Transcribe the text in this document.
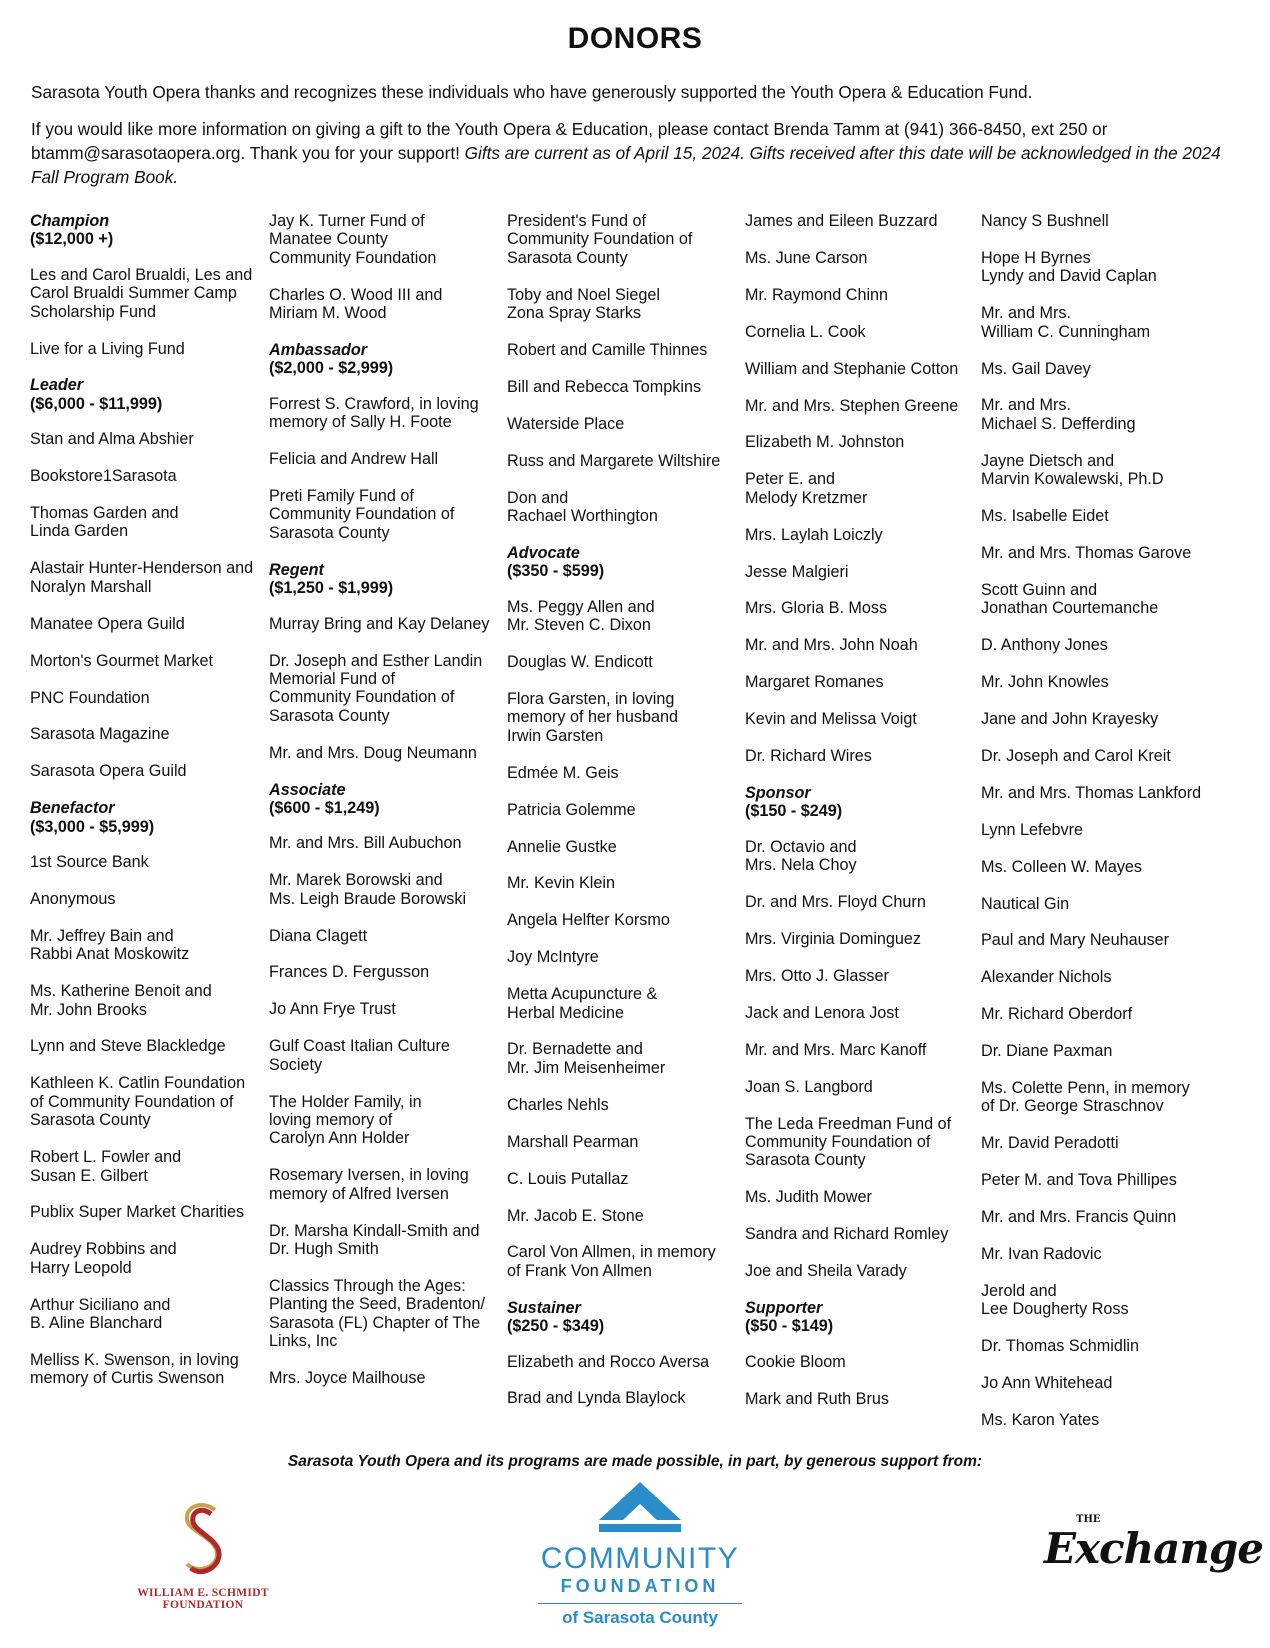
DONORS
Sarasota Youth Opera thanks and recognizes these individuals who have generously supported the Youth Opera & Education Fund.
If you would like more information on giving a gift to the Youth Opera & Education, please contact Brenda Tamm at (941) 366-8450, ext 250 or btamm@sarasotaopera.org. Thank you for your support! Gifts are current as of April 15, 2024. Gifts received after this date will be acknowledged in the 2024 Fall Program Book.
Champion
($12,000 +)
Les and Carol Brualdi, Les and
Carol Brualdi Summer Camp
Scholarship Fund
Live for a Living Fund
Leader
($6,000 - $11,999)
Stan and Alma Abshier
Bookstore1Sarasota
Thomas Garden and
Linda Garden
Alastair Hunter-Henderson and
Noralyn Marshall
Manatee Opera Guild
Morton's Gourmet Market
PNC Foundation
Sarasota Magazine
Sarasota Opera Guild
Benefactor
($3,000 - $5,999)
1st Source Bank
Anonymous
Mr. Jeffrey Bain and
Rabbi Anat Moskowitz
Ms. Katherine Benoit and
Mr. John Brooks
Lynn and Steve Blackledge
Kathleen K. Catlin Foundation
of Community Foundation of
Sarasota County
Robert L. Fowler and
Susan E. Gilbert
Publix Super Market Charities
Audrey Robbins and
Harry Leopold
Arthur Siciliano and
B. Aline Blanchard
Melliss K. Swenson, in loving
memory of Curtis Swenson
Jay K. Turner Fund of
Manatee County
Community Foundation
Charles O. Wood III and
Miriam M. Wood
Ambassador
($2,000 - $2,999)
Forrest S. Crawford, in loving
memory of Sally H. Foote
Felicia and Andrew Hall
Preti Family Fund of
Community Foundation of
Sarasota County
Regent
($1,250 - $1,999)
Murray Bring and Kay Delaney
Dr. Joseph and Esther Landin
Memorial Fund of
Community Foundation of
Sarasota County
Mr. and Mrs. Doug Neumann
Associate
($600 - $1,249)
Mr. and Mrs. Bill Aubuchon
Mr. Marek Borowski and
Ms. Leigh Braude Borowski
Diana Clagett
Frances D. Fergusson
Jo Ann Frye Trust
Gulf Coast Italian Culture
Society
The Holder Family, in
loving memory of
Carolyn Ann Holder
Rosemary Iversen, in loving
memory of Alfred Iversen
Dr. Marsha Kindall-Smith and
Dr. Hugh Smith
Classics Through the Ages:
Planting the Seed, Bradenton/
Sarasota (FL) Chapter of The
Links, Inc
Mrs. Joyce Mailhouse
President's Fund of
Community Foundation of
Sarasota County
Toby and Noel Siegel
Zona Spray Starks
Robert and Camille Thinnes
Bill and Rebecca Tompkins
Waterside Place
Russ and Margarete Wiltshire
Don and
Rachael Worthington
Advocate
($350 - $599)
Ms. Peggy Allen and
Mr. Steven C. Dixon
Douglas W. Endicott
Flora Garsten, in loving
memory of her husband
Irwin Garsten
Edmée M. Geis
Patricia Golemme
Annelie Gustke
Mr. Kevin Klein
Angela Helfter Korsmo
Joy McIntyre
Metta Acupuncture &
Herbal Medicine
Dr. Bernadette and
Mr. Jim Meisenheimer
Charles Nehls
Marshall Pearman
C. Louis Putallaz
Mr. Jacob E. Stone
Carol Von Allmen, in memory
of Frank Von Allmen
Sustainer
($250 - $349)
Elizabeth and Rocco Aversa
Brad and Lynda Blaylock
James and Eileen Buzzard
Ms. June Carson
Mr. Raymond Chinn
Cornelia L. Cook
William and Stephanie Cotton
Mr. and Mrs. Stephen Greene
Elizabeth M. Johnston
Peter E. and
Melody Kretzmer
Mrs. Laylah Loiczly
Jesse Malgieri
Mrs. Gloria B. Moss
Mr. and Mrs. John Noah
Margaret Romanes
Kevin and Melissa Voigt
Dr. Richard Wires
Sponsor
($150 - $249)
Dr. Octavio and
Mrs. Nela Choy
Dr. and Mrs. Floyd Churn
Mrs. Virginia Dominguez
Mrs. Otto J. Glasser
Jack and Lenora Jost
Mr. and Mrs. Marc Kanoff
Joan S. Langbord
The Leda Freedman Fund of
Community Foundation of
Sarasota County
Ms. Judith Mower
Sandra and Richard Romley
Joe and Sheila Varady
Supporter
($50 - $149)
Cookie Bloom
Mark and Ruth Brus
Nancy S Bushnell
Hope H Byrnes
Lyndy and David Caplan
Mr. and Mrs.
William C. Cunningham
Ms. Gail Davey
Mr. and Mrs.
Michael S. Defferding
Jayne Dietsch and
Marvin Kowalewski, Ph.D
Ms. Isabelle Eidet
Mr. and Mrs. Thomas Garove
Scott Guinn and
Jonathan Courtemanche
D. Anthony Jones
Mr. John Knowles
Jane and John Krayesky
Dr. Joseph and Carol Kreit
Mr. and Mrs. Thomas Lankford
Lynn Lefebvre
Ms. Colleen W. Mayes
Nautical Gin
Paul and Mary Neuhauser
Alexander Nichols
Mr. Richard Oberdorf
Dr. Diane Paxman
Ms. Colette Penn, in memory
of Dr. George Straschnov
Mr. David Peradotti
Peter M. and Tova Phillipes
Mr. and Mrs. Francis Quinn
Mr. Ivan Radovic
Jerold and
Lee Dougherty Ross
Dr. Thomas Schmidlin
Jo Ann Whitehead
Ms. Karon Yates
Sarasota Youth Opera and its programs are made possible, in part, by generous support from:
WILLIAM E. SCHMIDT
FOUNDATION
COMMUNITY
FOUNDATION
of Sarasota County
THE
Exchange
